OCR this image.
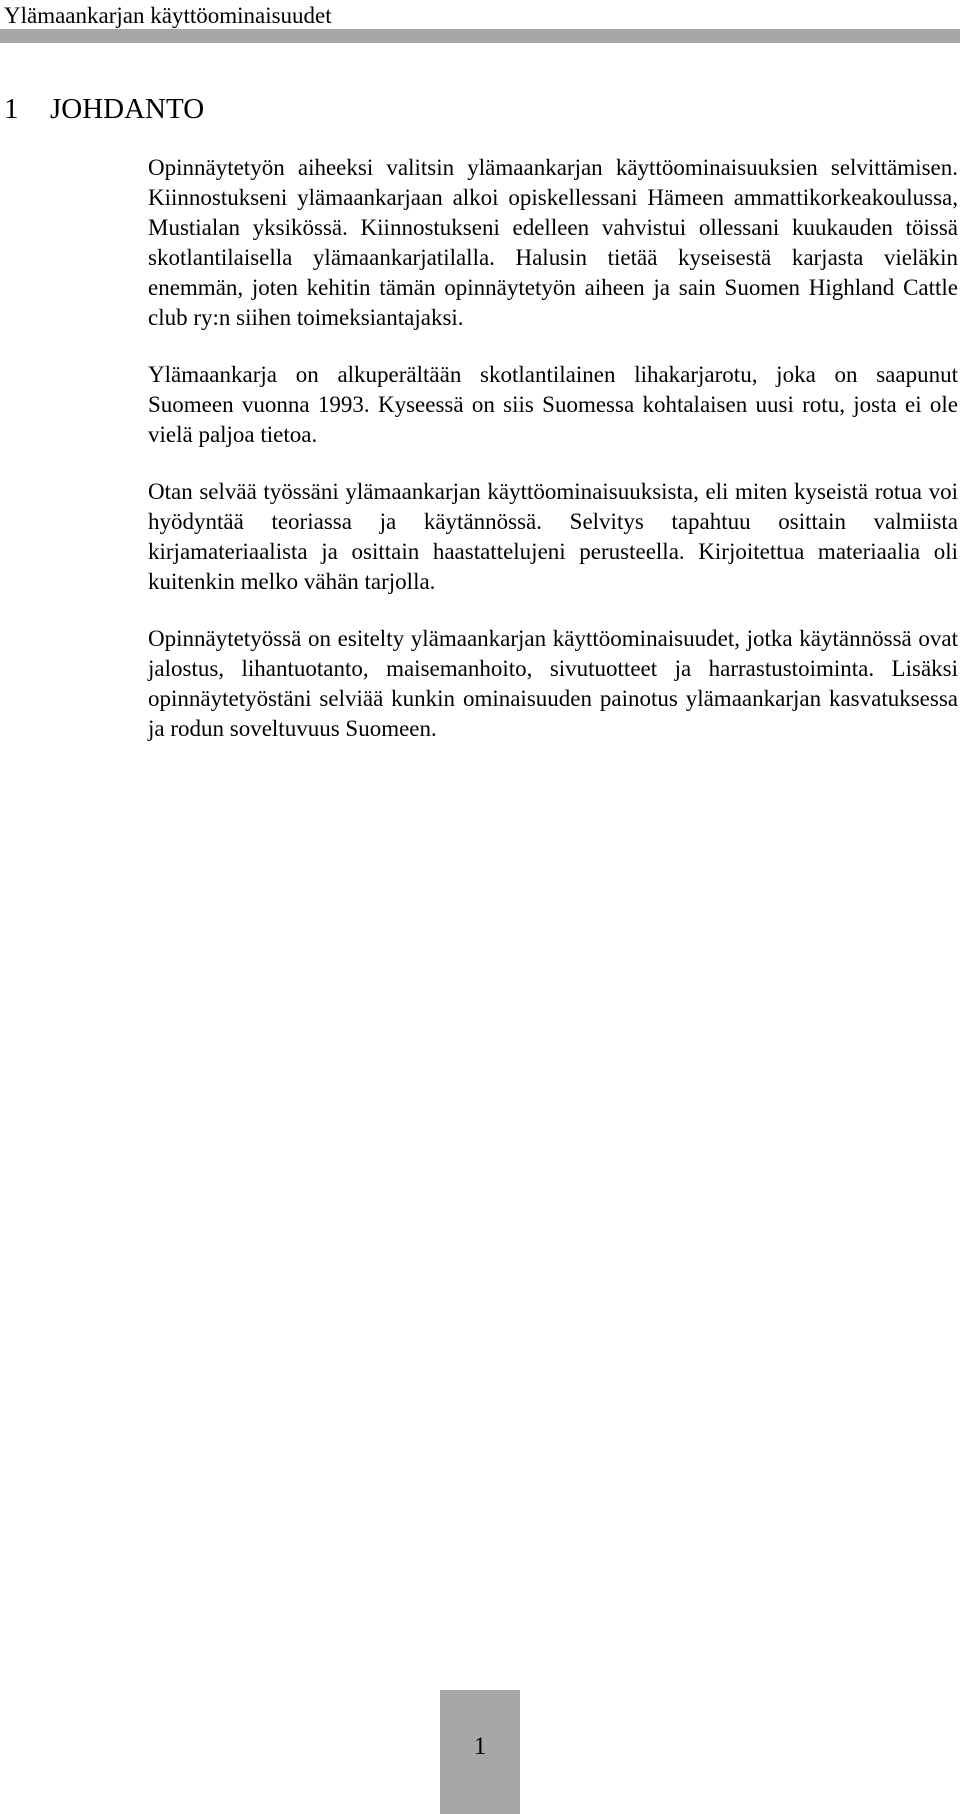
Ylämaankarjan käyttöominaisuudet
1 JOHDANTO

Opinnäytetyön aiheeksi valitsin ylämaankarjan käyttöominaisuuksien selvittämisen. Kiinnostukseni ylämaankarjaan alkoi opiskellessani Hämeen ammattikorkeakoulussa, Mustialan yksikössä. Kiinnostukseni edelleen vahvistui ollessani kuukauden töissä skotlantilaisella ylämaankarjatilalla. Halusin tietää kyseisestä karjasta vieläkin enemmän, joten kehitin tämän opinnäytetyön aiheen ja sain Suomen Highland Cattle club ry:n siihen toimeksiantajaksi.

Ylämaankarja on alkuperältään skotlantilainen lihakarjarotu, joka on saapunut Suomeen vuonna 1993. Kyseessä on siis Suomessa kohtalaisen uusi rotu, josta ei ole vielä paljoa tietoa.

Otan selvää työssäni ylämaankarjan käyttöominaisuuksista, eli miten kyseistä rotua voi hyödyntää teoriassa ja käytännössä. Selvitys tapahtuu osittain valmiista kirjamateriaalista ja osittain haastattelujeni perusteella. Kirjoitettua materiaalia oli kuitenkin melko vähän tarjolla.

Opinnäytetyössä on esitelty ylämaankarjan käyttöominaisuudet, jotka käytännössä ovat jalostus, lihantuotanto, maisemanhoito, sivutuotteet ja harrastustoiminta. Lisäksi opinnäytetyöstäni selviää kunkin ominaisuuden painotus ylämaankarjan kasvatuksessa ja rodun soveltuvuus Suomeen.

1
